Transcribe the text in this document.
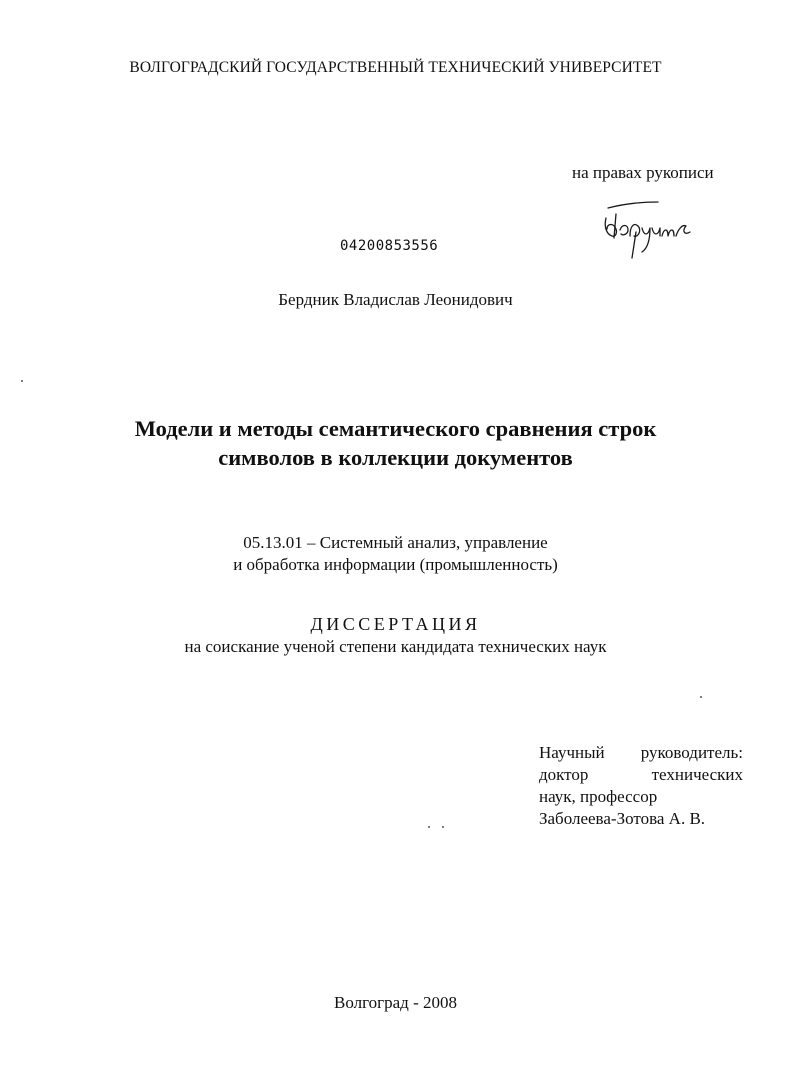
ВОЛГОГРАДСКИЙ ГОСУДАРСТВЕННЫЙ ТЕХНИЧЕСКИЙ УНИВЕРСИТЕТ
на правах рукописи
04200853556
Бердник Владислав Леонидович
Модели и методы семантического сравнения строк
символов в коллекции документов
05.13.01 – Системный анализ, управление
и обработка информации (промышленность)
ДИССЕРТАЦИЯ
на соискание ученой степени кандидата технических наук
Научный руководитель:
доктор	технических
наук, профессор
Заболеева-Зотова А. В.
Волгоград - 2008
